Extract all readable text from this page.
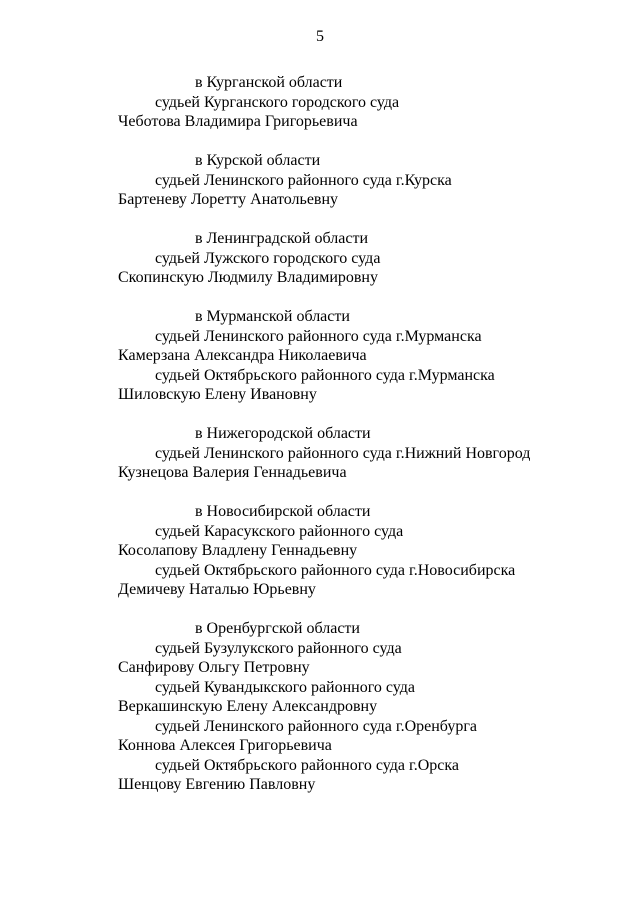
5
в Курганской области
судьей Курганского городского суда
Чеботова Владимира Григорьевича
в Курской области
судьей Ленинского районного суда г.Курска
Бартеневу Лоретту Анатольевну
в Ленинградской области
судьей Лужского городского суда
Скопинскую Людмилу Владимировну
в Мурманской области
судьей Ленинского районного суда г.Мурманска
Камерзана Александра Николаевича
судьей Октябрьского районного суда г.Мурманска
Шиловскую Елену Ивановну
в Нижегородской области
судьей Ленинского районного суда г.Нижний Новгород
Кузнецова Валерия Геннадьевича
в Новосибирской области
судьей Карасукского районного суда
Косолапову Владлену Геннадьевну
судьей Октябрьского районного суда г.Новосибирска
Демичеву Наталью Юрьевну
в Оренбургской области
судьей Бузулукского районного суда
Санфирову Ольгу Петровну
судьей Кувандыкского районного суда
Веркашинскую Елену Александровну
судьей Ленинского районного суда г.Оренбурга
Коннова Алексея Григорьевича
судьей Октябрьского районного суда г.Орска
Шенцову Евгению Павловну
